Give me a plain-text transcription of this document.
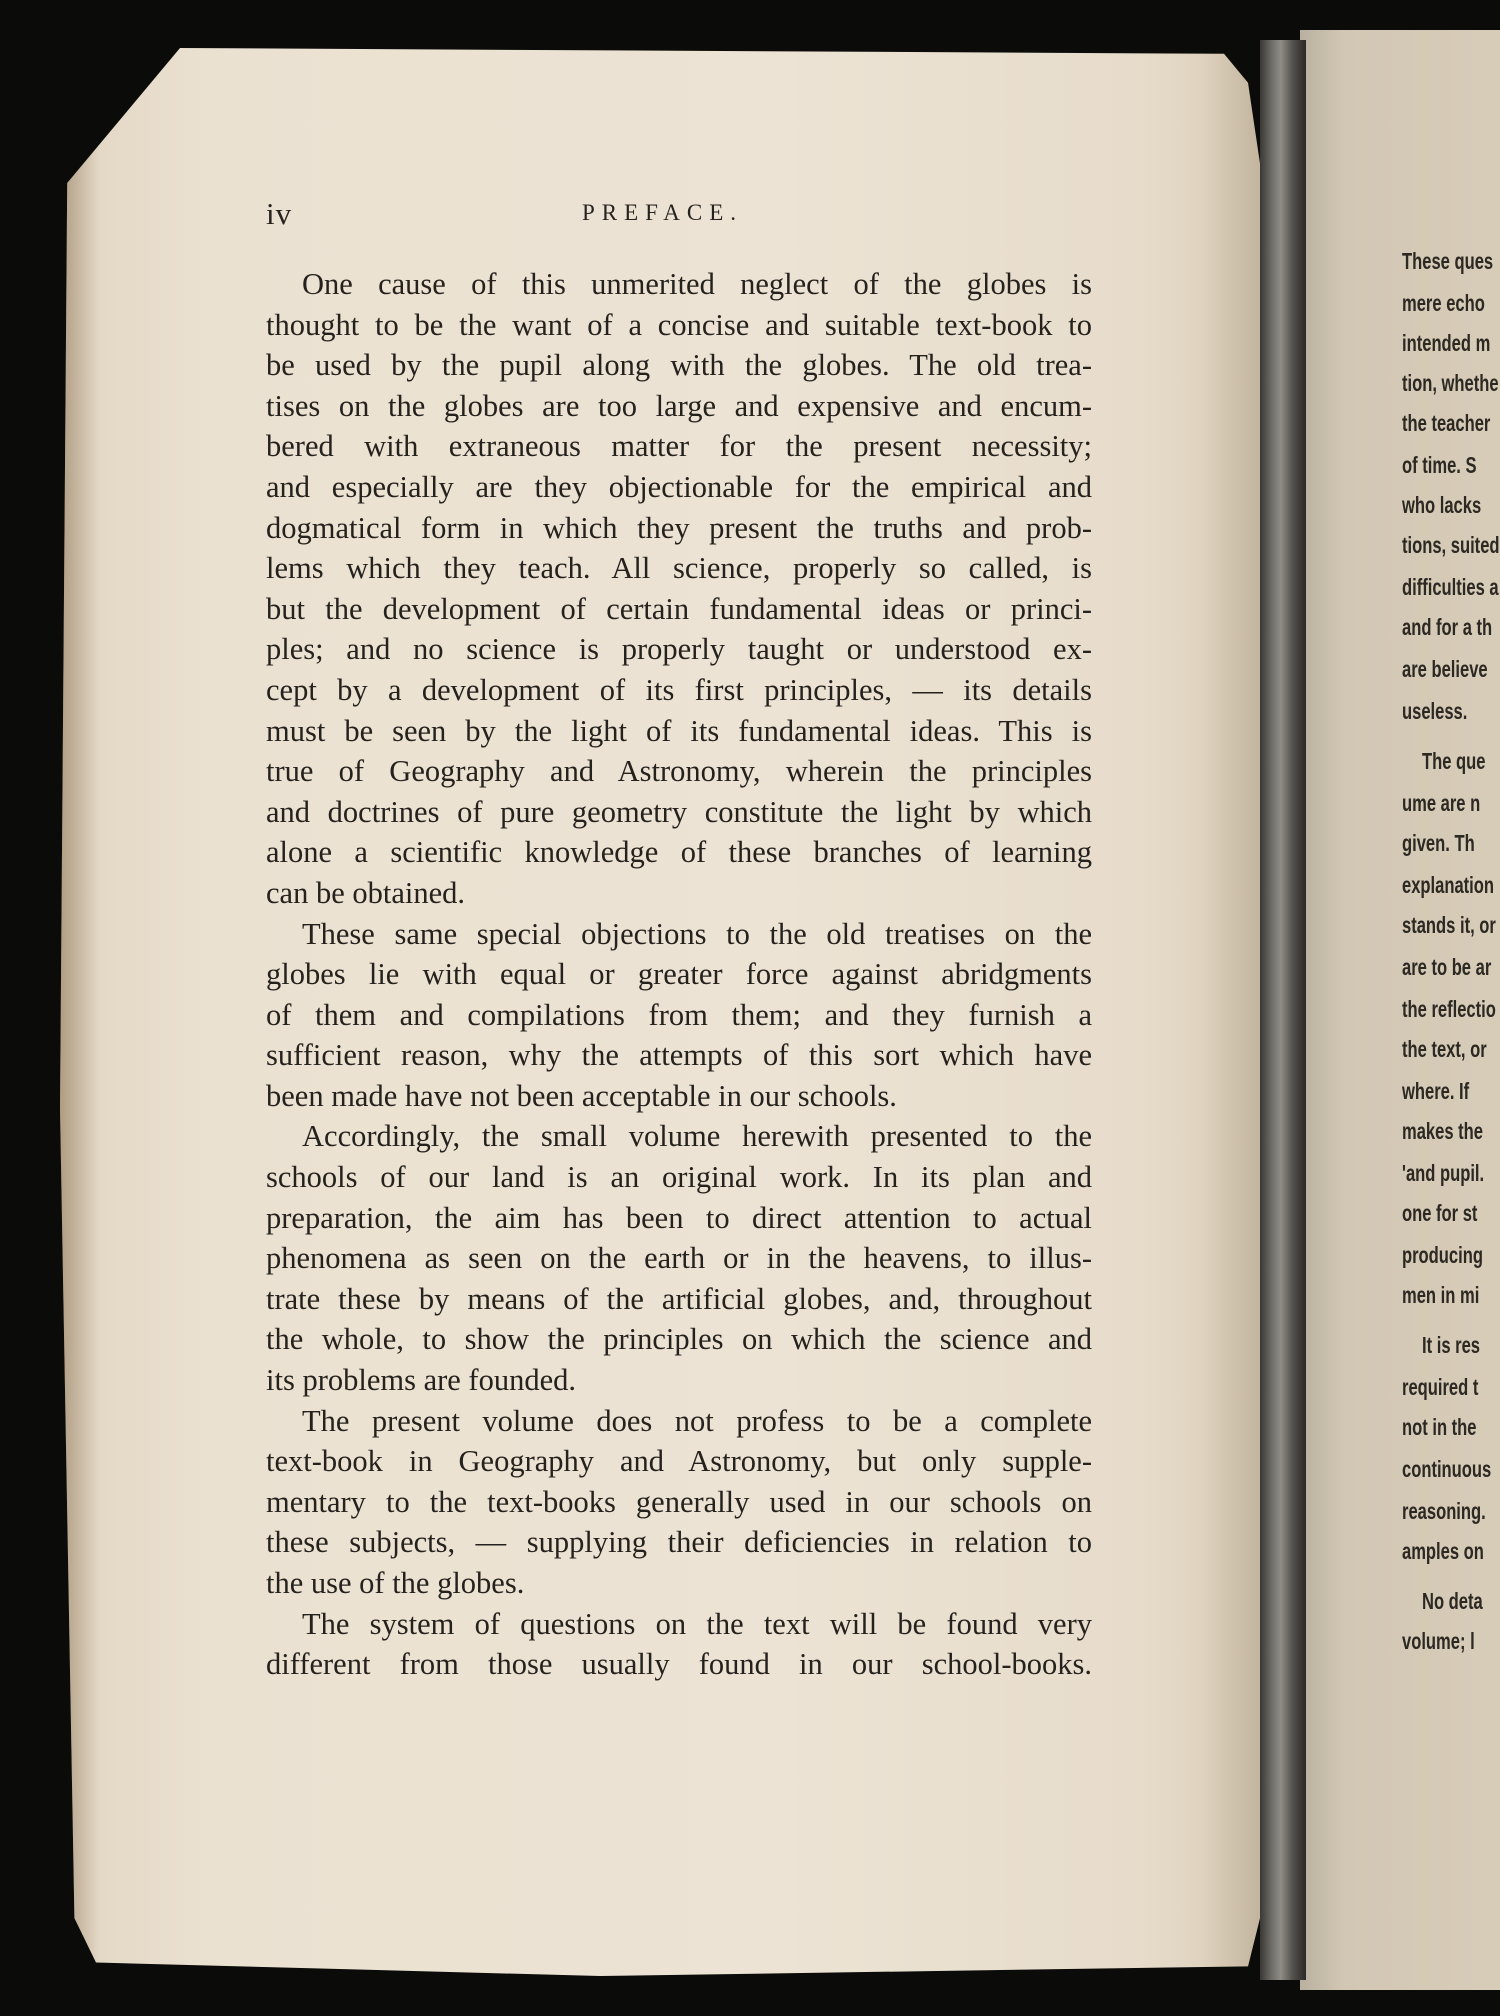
These ques
mere echo
intended m
tion, whethe
the teacher
of time. S
who lacks
tions, suited
difficulties a
and for a th
are believe
useless.
The que
ume are n
given. Th
explanation
stands it, or
are to be ar
the reflectio
the text, or
where. If
makes the
'and pupil.
one for st
producing
men in mi
It is res
required t
not in the
continuous
reasoning.
amples on
No deta
volume; l
iv	PREFACE.
One cause of this unmerited neglect of the globes is
thought to be the want of a concise and suitable text-book to
be used by the pupil along with the globes. The old trea-
tises on the globes are too large and expensive and encum-
bered with extraneous matter for the present necessity;
and especially are they objectionable for the empirical and
dogmatical form in which they present the truths and prob-
lems which they teach. All science, properly so called, is
but the development of certain fundamental ideas or princi-
ples; and no science is properly taught or understood ex-
cept by a development of its first principles, — its details
must be seen by the light of its fundamental ideas. This is
true of Geography and Astronomy, wherein the principles
and doctrines of pure geometry constitute the light by which
alone a scientific knowledge of these branches of learning
can be obtained.
These same special objections to the old treatises on the
globes lie with equal or greater force against abridgments
of them and compilations from them; and they furnish a
sufficient reason, why the attempts of this sort which have
been made have not been acceptable in our schools.
Accordingly, the small volume herewith presented to the
schools of our land is an original work. In its plan and
preparation, the aim has been to direct attention to actual
phenomena as seen on the earth or in the heavens, to illus-
trate these by means of the artificial globes, and, throughout
the whole, to show the principles on which the science and
its problems are founded.
The present volume does not profess to be a complete
text-book in Geography and Astronomy, but only supple-
mentary to the text-books generally used in our schools on
these subjects, — supplying their deficiencies in relation to
the use of the globes.
The system of questions on the text will be found very
different from those usually found in our school-books.
